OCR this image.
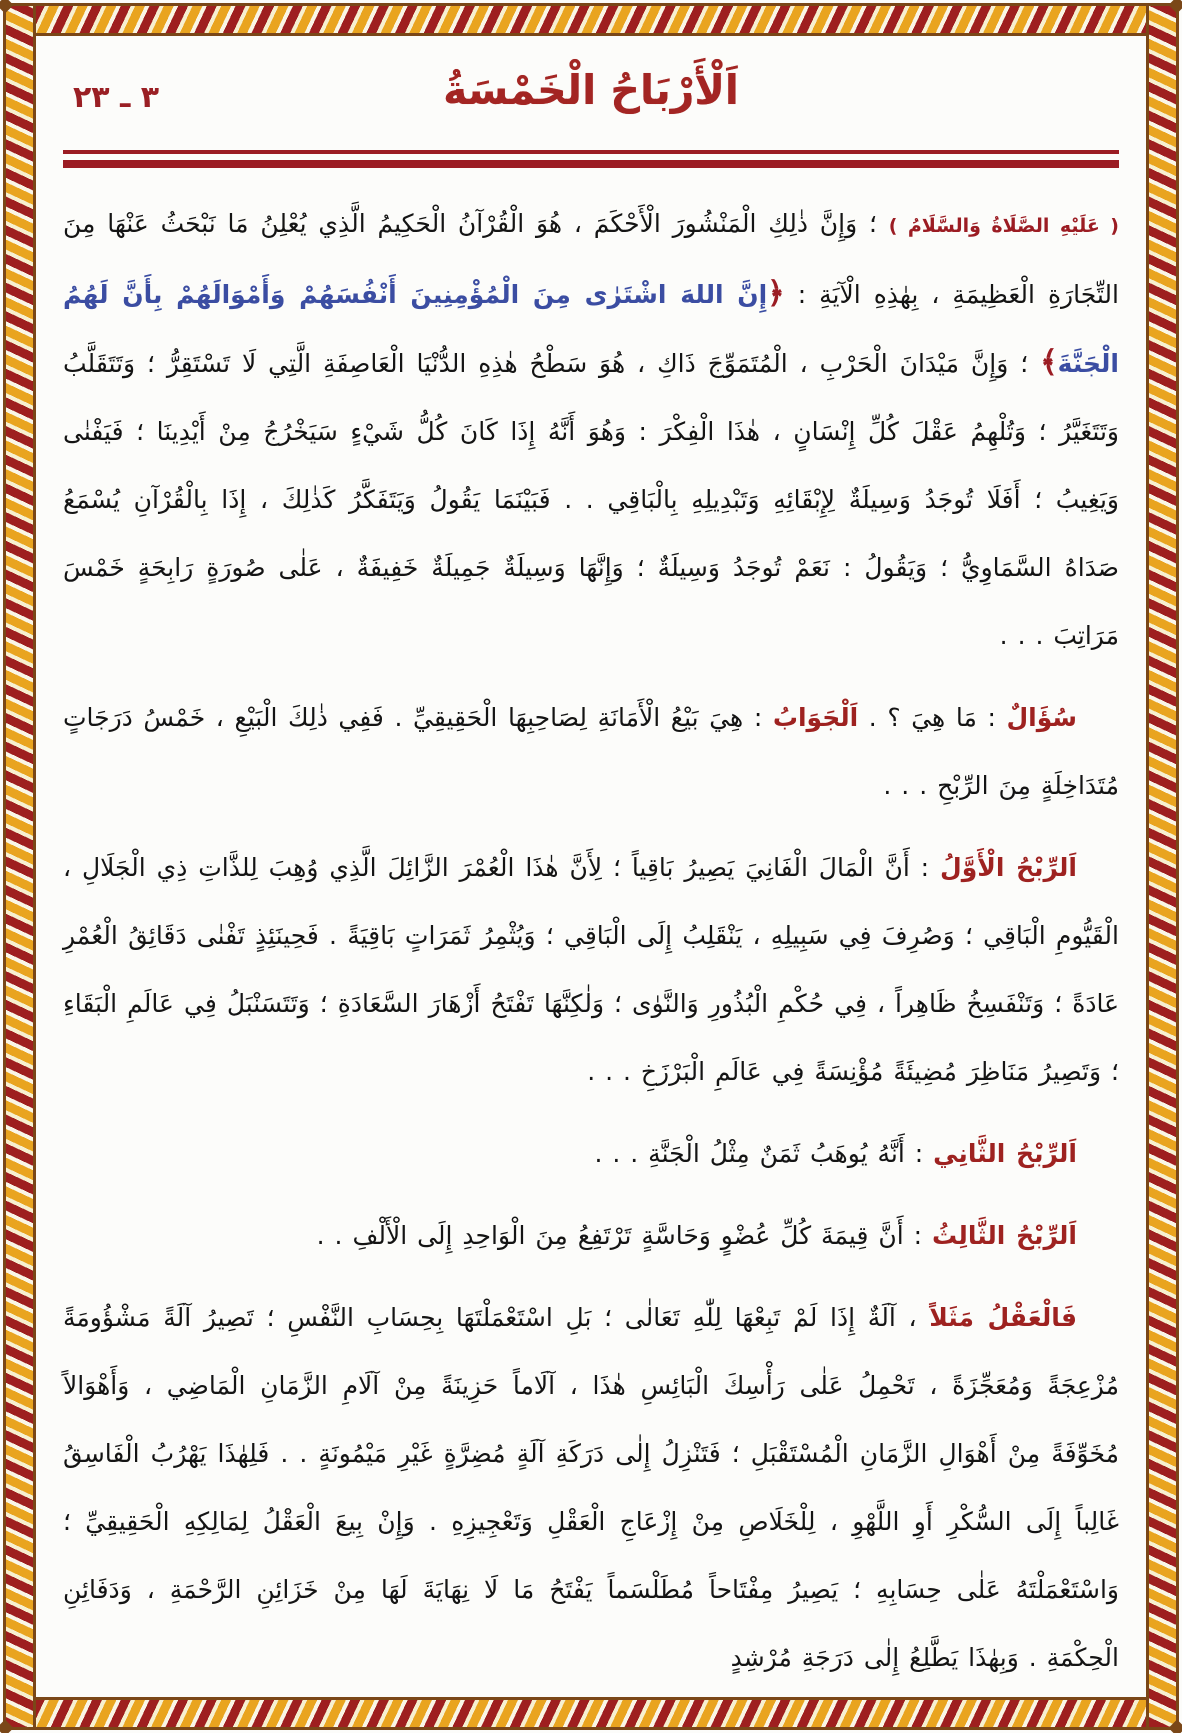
٣ ـ ٢٣	اَلْأَرْبَاحُ الْخَمْسَةُ

( عَلَيْهِ الصَّلَاةُ وَالسَّلَامُ ) ؛ وَإِنَّ ذٰلِكِ الْمَنْشُورَ الْأَحْكَمَ ، هُوَ الْقُرْآنُ الْحَكِيمُ الَّذِي يُعْلِنُ مَا نَبْحَثُ عَنْهَا مِنَ التِّجَارَةِ الْعَظِيمَةِ ، بِهٰذِهِ الْآيَةِ : ﴿إِنَّ اللهَ اشْتَرٰى مِنَ الْمُؤْمِنِينَ أَنْفُسَهُمْ وَأَمْوَالَهُمْ بِأَنَّ لَهُمُ الْجَنَّةَ﴾ ؛ وَإِنَّ مَيْدَانَ الْحَرْبِ ، الْمُتَمَوِّجَ ذَاكِ ، هُوَ سَطْحُ هٰذِهِ الدُّنْيَا الْعَاصِفَةِ الَّتِي لَا تَسْتَقِرُّ ؛ وَتَتَقَلَّبُ وَتَتَغَيَّرُ ؛ وَتُلْهِمُ عَقْلَ كُلِّ إِنْسَانٍ ، هٰذَا الْفِكْرَ : وَهُوَ أَنَّهُ إِذَا كَانَ كُلُّ شَيْءٍ سَيَخْرُجُ مِنْ أَيْدِينَا ؛ فَيَفْنٰى وَيَغِيبُ ؛ أَفَلَا تُوجَدُ وَسِيلَةٌ لِإِبْقَائِهِ وَتَبْدِيلِهِ بِالْبَاقِي . . فَبَيْنَمَا يَقُولُ وَيَتَفَكَّرُ كَذٰلِكَ ، إِذَا بِالْقُرْآنِ يُسْمَعُ صَدَاهُ السَّمَاوِيُّ ؛ وَيَقُولُ : نَعَمْ تُوجَدُ وَسِيلَةٌ ؛ وَإِنَّهَا وَسِيلَةٌ جَمِيلَةٌ خَفِيفَةٌ ، عَلٰى صُورَةٍ رَابِحَةٍ خَمْسَ مَرَاتِبَ . . .

سُؤَالٌ : مَا هِيَ ؟ . اَلْجَوَابُ : هِيَ بَيْعُ الْأَمَانَةِ لِصَاحِبِهَا الْحَقِيقِيِّ . فَفِي ذٰلِكَ الْبَيْعِ ، خَمْسُ دَرَجَاتٍ مُتَدَاخِلَةٍ مِنَ الرِّبْحِ . . .

اَلرِّبْحُ الْأَوَّلُ : أَنَّ الْمَالَ الْفَانِيَ يَصِيرُ بَاقِياً ؛ لِأَنَّ هٰذَا الْعُمْرَ الزَّائِلَ الَّذِي وُهِبَ لِلذَّاتِ ذِي الْجَلَالِ ، الْقَيُّومِ الْبَاقِي ؛ وَصُرِفَ فِي سَبِيلِهِ ، يَنْقَلِبُ إِلَى الْبَاقِي ؛ وَيُثْمِرُ ثَمَرَاتٍ بَاقِيَةً . فَحِينَئِذٍ تَفْنٰى دَقَائِقُ الْعُمْرِ عَادَةً ؛ وَتَنْفَسِخُ ظَاهِراً ، فِي حُكْمِ الْبُذُورِ وَالنَّوٰى ؛ وَلٰكِنَّهَا تَفْتَحُ أَزْهَارَ السَّعَادَةِ ؛ وَتَتَسَنْبَلُ فِي عَالَمِ الْبَقَاءِ ؛ وَتَصِيرُ مَنَاظِرَ مُضِيئَةً مُؤْنِسَةً فِي عَالَمِ الْبَرْزَخِ . . .

اَلرِّبْحُ الثَّانِي : أَنَّهُ يُوهَبُ ثَمَنٌ مِثْلُ الْجَنَّةِ . . .

اَلرِّبْحُ الثَّالِثُ : أَنَّ قِيمَةَ كُلِّ عُضْوٍ وَحَاسَّةٍ تَرْتَفِعُ مِنَ الْوَاحِدِ إِلَى الْأَلْفِ . .

فَالْعَقْلُ مَثَلاً ، آلَةٌ إِذَا لَمْ تَبِعْهَا لِلّٰهِ تَعَالٰى ؛ بَلِ اسْتَعْمَلْتَهَا بِحِسَابِ النَّفْسِ ؛ تَصِيرُ آلَةً مَشْؤُومَةً مُزْعِجَةً وَمُعَجِّزَةً ، تَحْمِلُ عَلٰى رَأْسِكَ الْبَائِسِ هٰذَا ، آلَاماً حَزِينَةً مِنْ آلَامِ الزَّمَانِ الْمَاضِي ، وَأَهْوَالاً مُخَوِّفَةً مِنْ أَهْوَالِ الزَّمَانِ الْمُسْتَقْبَلِ ؛ فَتَنْزِلُ إِلٰى دَرَكَةِ آلَةٍ مُضِرَّةٍ غَيْرِ مَيْمُونَةٍ . . فَلِهٰذَا يَهْرُبُ الْفَاسِقُ غَالِباً إِلَى السُّكْرِ أَوِ اللَّهْوِ ، لِلْخَلَاصِ مِنْ إِزْعَاجِ الْعَقْلِ وَتَعْجِيزِهِ . وَإِنْ بِيعَ الْعَقْلُ لِمَالِكِهِ الْحَقِيقِيِّ ؛ وَاسْتَعْمَلْتَهُ عَلٰى حِسَابِهِ ؛ يَصِيرُ مِفْتَاحاً مُطَلْسَماً يَفْتَحُ مَا لَا نِهَايَةَ لَهَا مِنْ خَزَائِنِ الرَّحْمَةِ ، وَدَفَائِنِ الْحِكْمَةِ . وَبِهٰذَا يَطَّلِعُ إِلٰى دَرَجَةِ مُرْشِدٍ
